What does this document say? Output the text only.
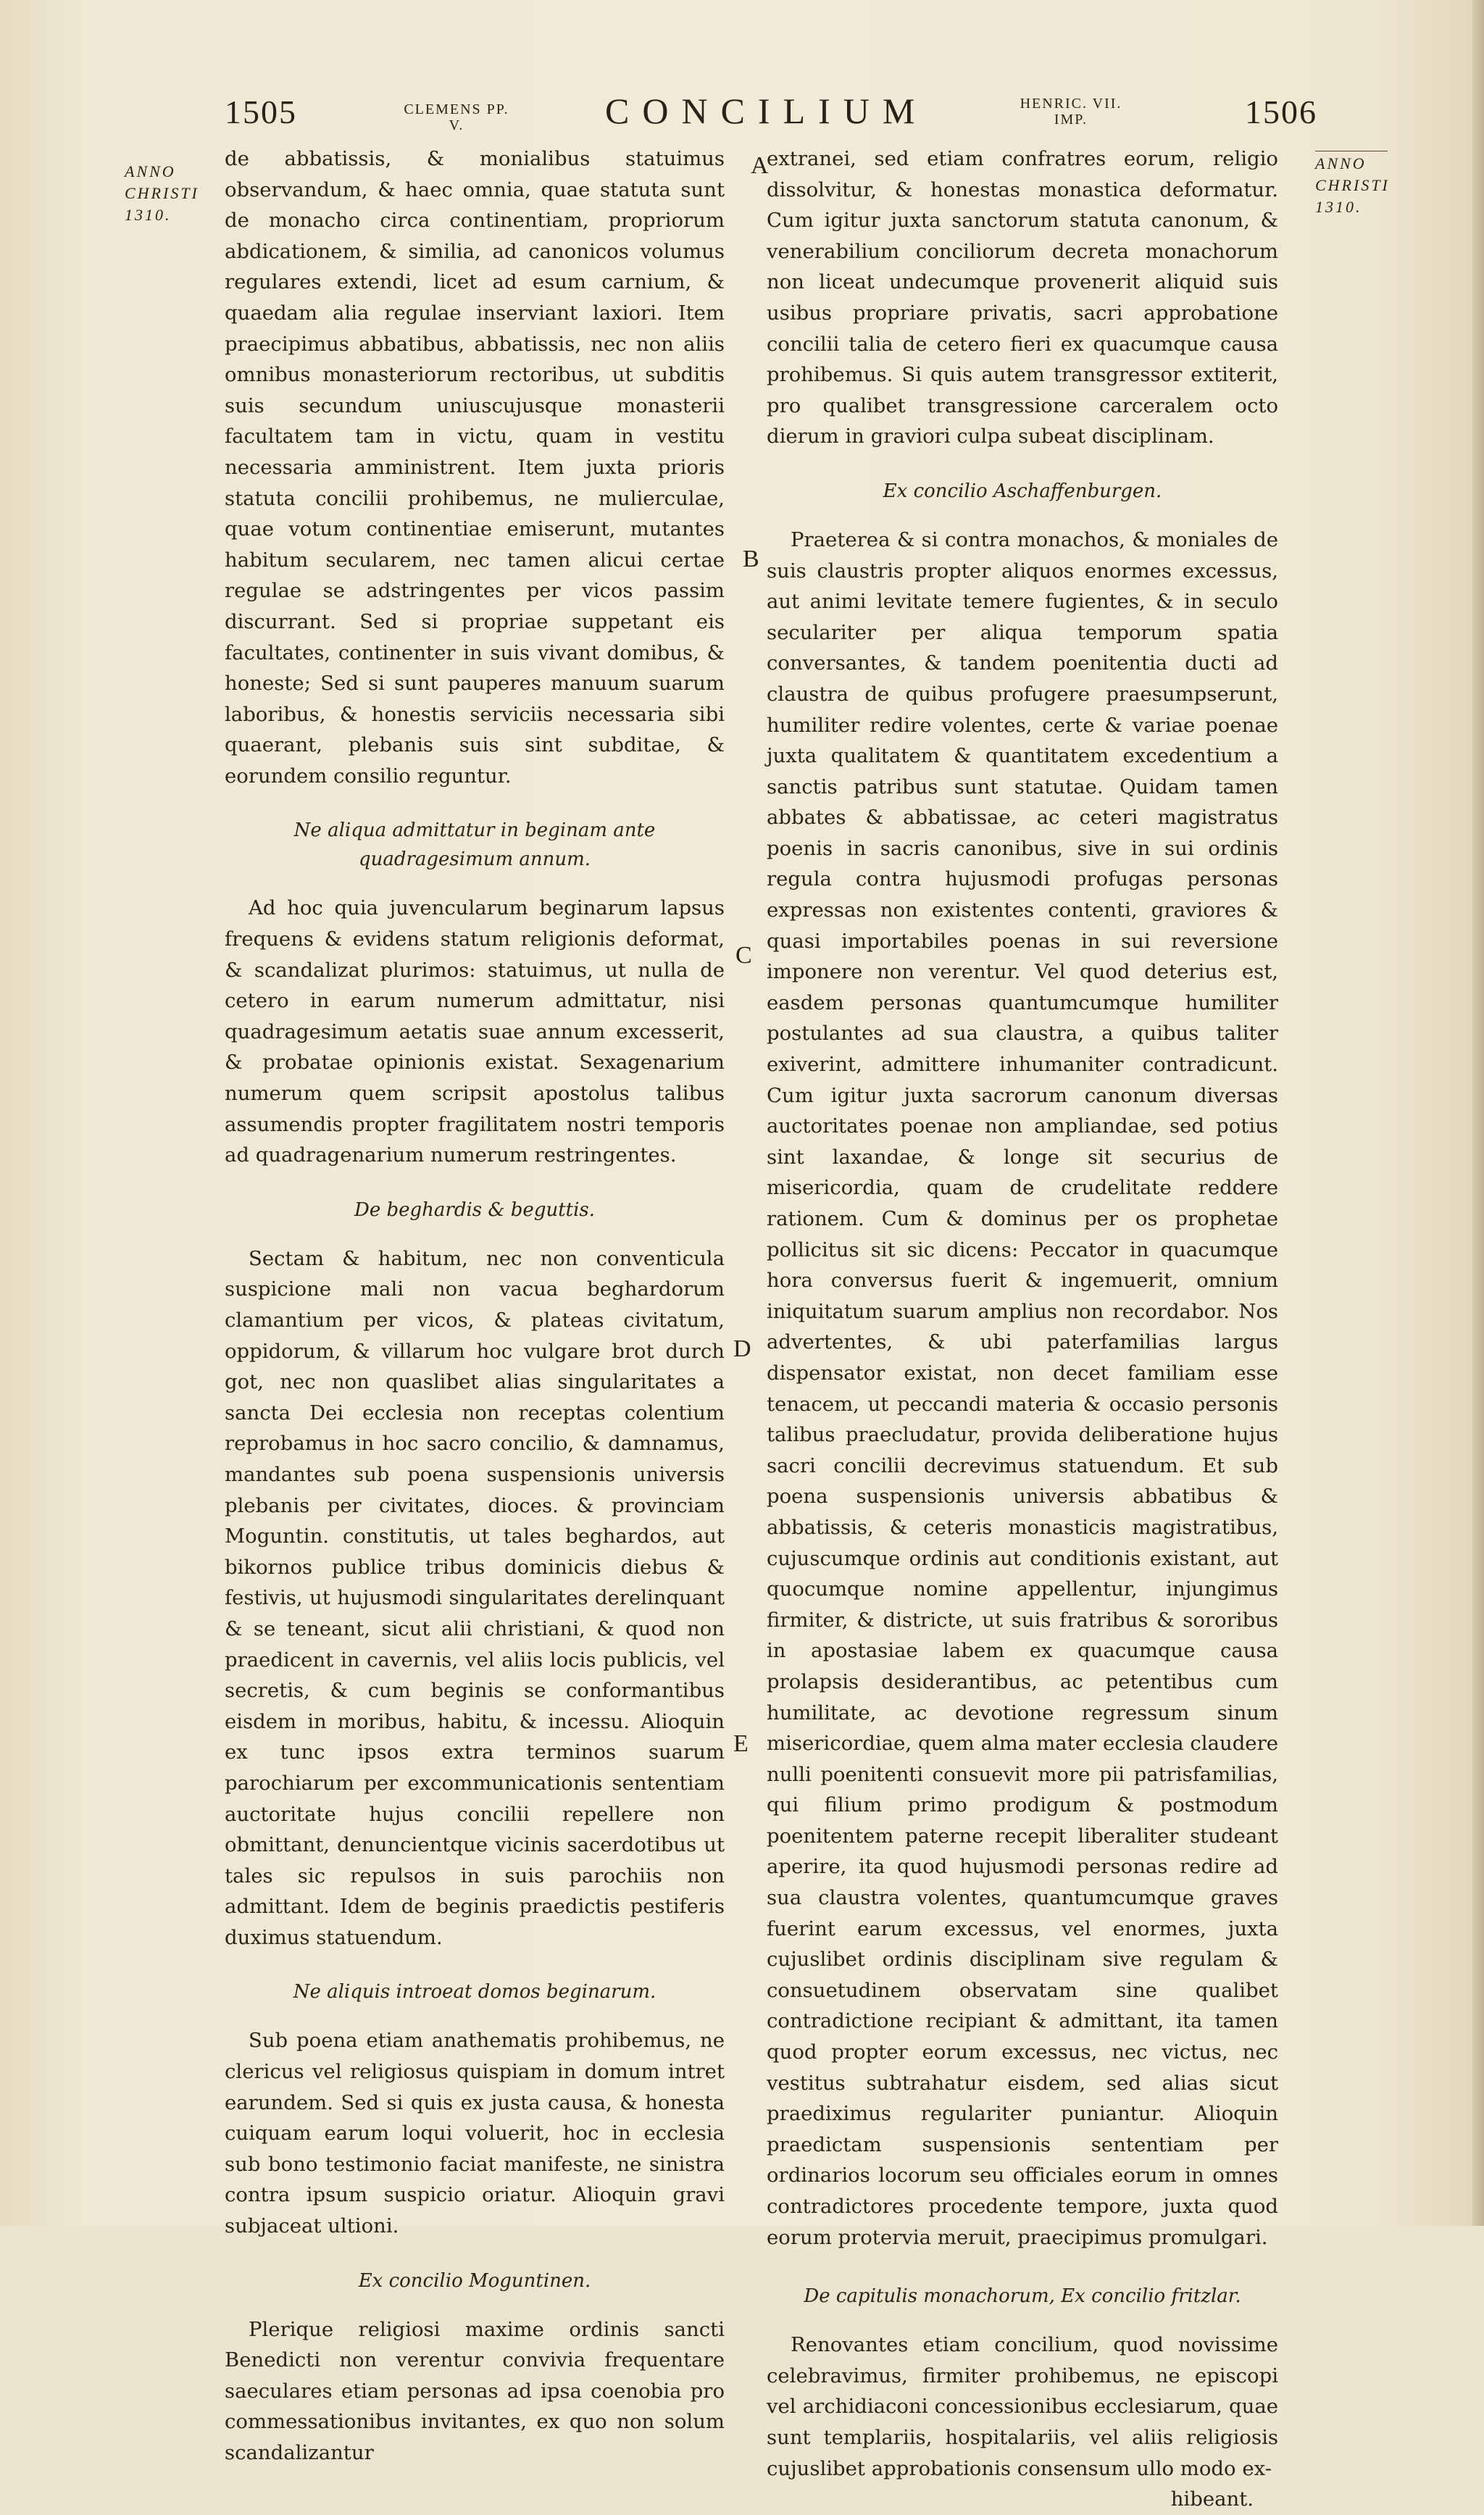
1505	CLEMENS PP. V.	CONCILIUM	HENRIC. VII. IMP.	1506
ANNO CHRISTI 1310.
ANNO CHRISTI 1310.
A
B
C
D
E

de abbatissis, & monialibus statuimus observandum, & haec omnia, quae statuta sunt de monacho circa continentiam, propriorum abdicationem, & similia, ad canonicos volumus regulares extendi, licet ad esum carnium, & quaedam alia regulae inserviant laxiori. Item praecipimus abbatibus, abbatissis, nec non aliis omnibus monasteriorum rectoribus, ut subditis suis secundum uniuscujusque monasterii facultatem tam in victu, quam in vestitu necessaria amministrent. Item juxta prioris statuta concilii prohibemus, ne mulierculae, quae votum continentiae emiserunt, mutantes habitum secularem, nec tamen alicui certae regulae se adstringentes per vicos passim discurrant. Sed si propriae suppetant eis facultates, continenter in suis vivant domibus, & honeste; Sed si sunt pauperes manuum suarum laboribus, & honestis serviciis necessaria sibi quaerant, plebanis suis sint subditae, & eorundem consilio reguntur.

Ne aliqua admittatur in beginam ante quadragesimum annum.

Ad hoc quia juvencularum beginarum lapsus frequens & evidens statum religionis deformat, & scandalizat plurimos: statuimus, ut nulla de cetero in earum numerum admittatur, nisi quadragesimum aetatis suae annum excesserit, & probatae opinionis existat. Sexagenarium numerum quem scripsit apostolus talibus assumendis propter fragilitatem nostri temporis ad quadragenarium numerum restringentes.

De beghardis & beguttis.

Sectam & habitum, nec non conventicula suspicione mali non vacua beghardorum clamantium per vicos, & plateas civitatum, oppidorum, & villarum hoc vulgare brot durch got, nec non quaslibet alias singularitates a sancta Dei ecclesia non receptas colentium reprobamus in hoc sacro concilio, & damnamus, mandantes sub poena suspensionis universis plebanis per civitates, dioces. & provinciam Moguntin. constitutis, ut tales beghardos, aut bikornos publice tribus dominicis diebus & festivis, ut hujusmodi singularitates derelinquant & se teneant, sicut alii christiani, & quod non praedicent in cavernis, vel aliis locis publicis, vel secretis, & cum beginis se conformantibus eisdem in moribus, habitu, & incessu. Alioquin ex tunc ipsos extra terminos suarum parochiarum per excommunicationis sententiam auctoritate hujus concilii repellere non obmittant, denuncientque vicinis sacerdotibus ut tales sic repulsos in suis parochiis non admittant. Idem de beginis praedictis pestiferis duximus statuendum.

Ne aliquis introeat domos beginarum.

Sub poena etiam anathematis prohibemus, ne clericus vel religiosus quispiam in domum intret earundem. Sed si quis ex justa causa, & honesta cuiquam earum loqui voluerit, hoc in ecclesia sub bono testimonio faciat manifeste, ne sinistra contra ipsum suspicio oriatur. Alioquin gravi subjaceat ultioni.

Ex concilio Moguntinen.

Plerique religiosi maxime ordinis sancti Benedicti non verentur convivia frequentare saeculares etiam personas ad ipsa coenobia pro commessationibus invitantes, ex quo non solum scandalizantur

extranei, sed etiam confratres eorum, religio dissolvitur, & honestas monastica deformatur. Cum igitur juxta sanctorum statuta canonum, & venerabilium conciliorum decreta monachorum non liceat undecumque provenerit aliquid suis usibus propriare privatis, sacri approbatione concilii talia de cetero fieri ex quacumque causa prohibemus. Si quis autem transgressor extiterit, pro qualibet transgressione carceralem octo dierum in graviori culpa subeat disciplinam.

Ex concilio Aschaffenburgen.

Praeterea & si contra monachos, & moniales de suis claustris propter aliquos enormes excessus, aut animi levitate temere fugientes, & in seculo seculariter per aliqua temporum spatia conversantes, & tandem poenitentia ducti ad claustra de quibus profugere praesumpserunt, humiliter redire volentes, certe & variae poenae juxta qualitatem & quantitatem excedentium a sanctis patribus sunt statutae. Quidam tamen abbates & abbatissae, ac ceteri magistratus poenis in sacris canonibus, sive in sui ordinis regula contra hujusmodi profugas personas expressas non existentes contenti, graviores & quasi importabiles poenas in sui reversione imponere non verentur. Vel quod deterius est, easdem personas quantumcumque humiliter postulantes ad sua claustra, a quibus taliter exiverint, admittere inhumaniter contradicunt. Cum igitur juxta sacrorum canonum diversas auctoritates poenae non ampliandae, sed potius sint laxandae, & longe sit securius de misericordia, quam de crudelitate reddere rationem. Cum & dominus per os prophetae pollicitus sit sic dicens: Peccator in quacumque hora conversus fuerit & ingemuerit, omnium iniquitatum suarum amplius non recordabor. Nos advertentes, & ubi paterfamilias largus dispensator existat, non decet familiam esse tenacem, ut peccandi materia & occasio personis talibus praecludatur, provida deliberatione hujus sacri concilii decrevimus statuendum. Et sub poena suspensionis universis abbatibus & abbatissis, & ceteris monasticis magistratibus, cujuscumque ordinis aut conditionis existant, aut quocumque nomine appellentur, injungimus firmiter, & districte, ut suis fratribus & sororibus in apostasiae labem ex quacumque causa prolapsis desiderantibus, ac petentibus cum humilitate, ac devotione regressum sinum misericordiae, quem alma mater ecclesia claudere nulli poenitenti consuevit more pii patrisfamilias, qui filium primo prodigum & postmodum poenitentem paterne recepit liberaliter studeant aperire, ita quod hujusmodi personas redire ad sua claustra volentes, quantumcumque graves fuerint earum excessus, vel enormes, juxta cujuslibet ordinis disciplinam sive regulam & consuetudinem observatam sine qualibet contradictione recipiant & admittant, ita tamen quod propter eorum excessus, nec victus, nec vestitus subtrahatur eisdem, sed alias sicut praediximus regulariter puniantur. Alioquin praedictam suspensionis sententiam per ordinarios locorum seu officiales eorum in omnes contradictores procedente tempore, juxta quod eorum protervia meruit, praecipimus promulgari.

De capitulis monachorum, Ex concilio fritzlar.

Renovantes etiam concilium, quod novissime celebravimus, firmiter prohibemus, ne episcopi vel archidiaconi concessionibus ecclesiarum, quae sunt templariis, hospitalariis, vel aliis religiosis cujuslibet approbationis consensum ullo modo ex-

hibeant.
